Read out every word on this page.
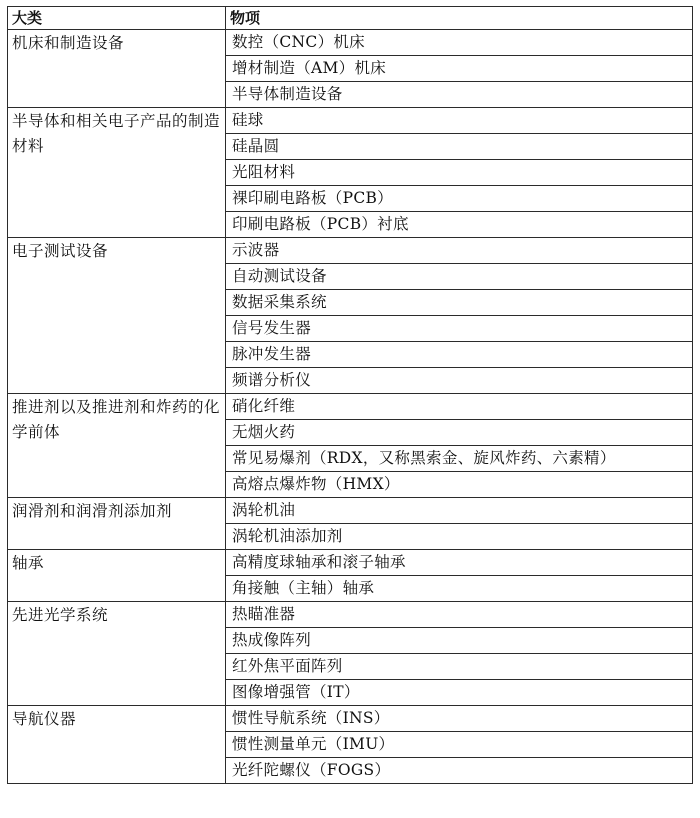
大类	物项
机床和制造设备	数控（CNC）机床
	增材制造（AM）机床
	半导体制造设备
半导体和相关电子产品的制造材料	硅球
	硅晶圆
	光阻材料
	裸印刷电路板（PCB）
	印刷电路板（PCB）衬底
电子测试设备	示波器
	自动测试设备
	数据采集系统
	信号发生器
	脉冲发生器
	频谱分析仪
推进剂以及推进剂和炸药的化学前体	硝化纤维
	无烟火药
	常见易爆剂（RDX，又称黑索金、旋风炸药、六素精）
	高熔点爆炸物（HMX）
润滑剂和润滑剂添加剂	涡轮机油
	涡轮机油添加剂
轴承	高精度球轴承和滚子轴承
	角接触（主轴）轴承
先进光学系统	热瞄准器
	热成像阵列
	红外焦平面阵列
	图像增强管（IT）
导航仪器	惯性导航系统（INS）
	惯性测量单元（IMU）
	光纤陀螺仪（FOGS）
